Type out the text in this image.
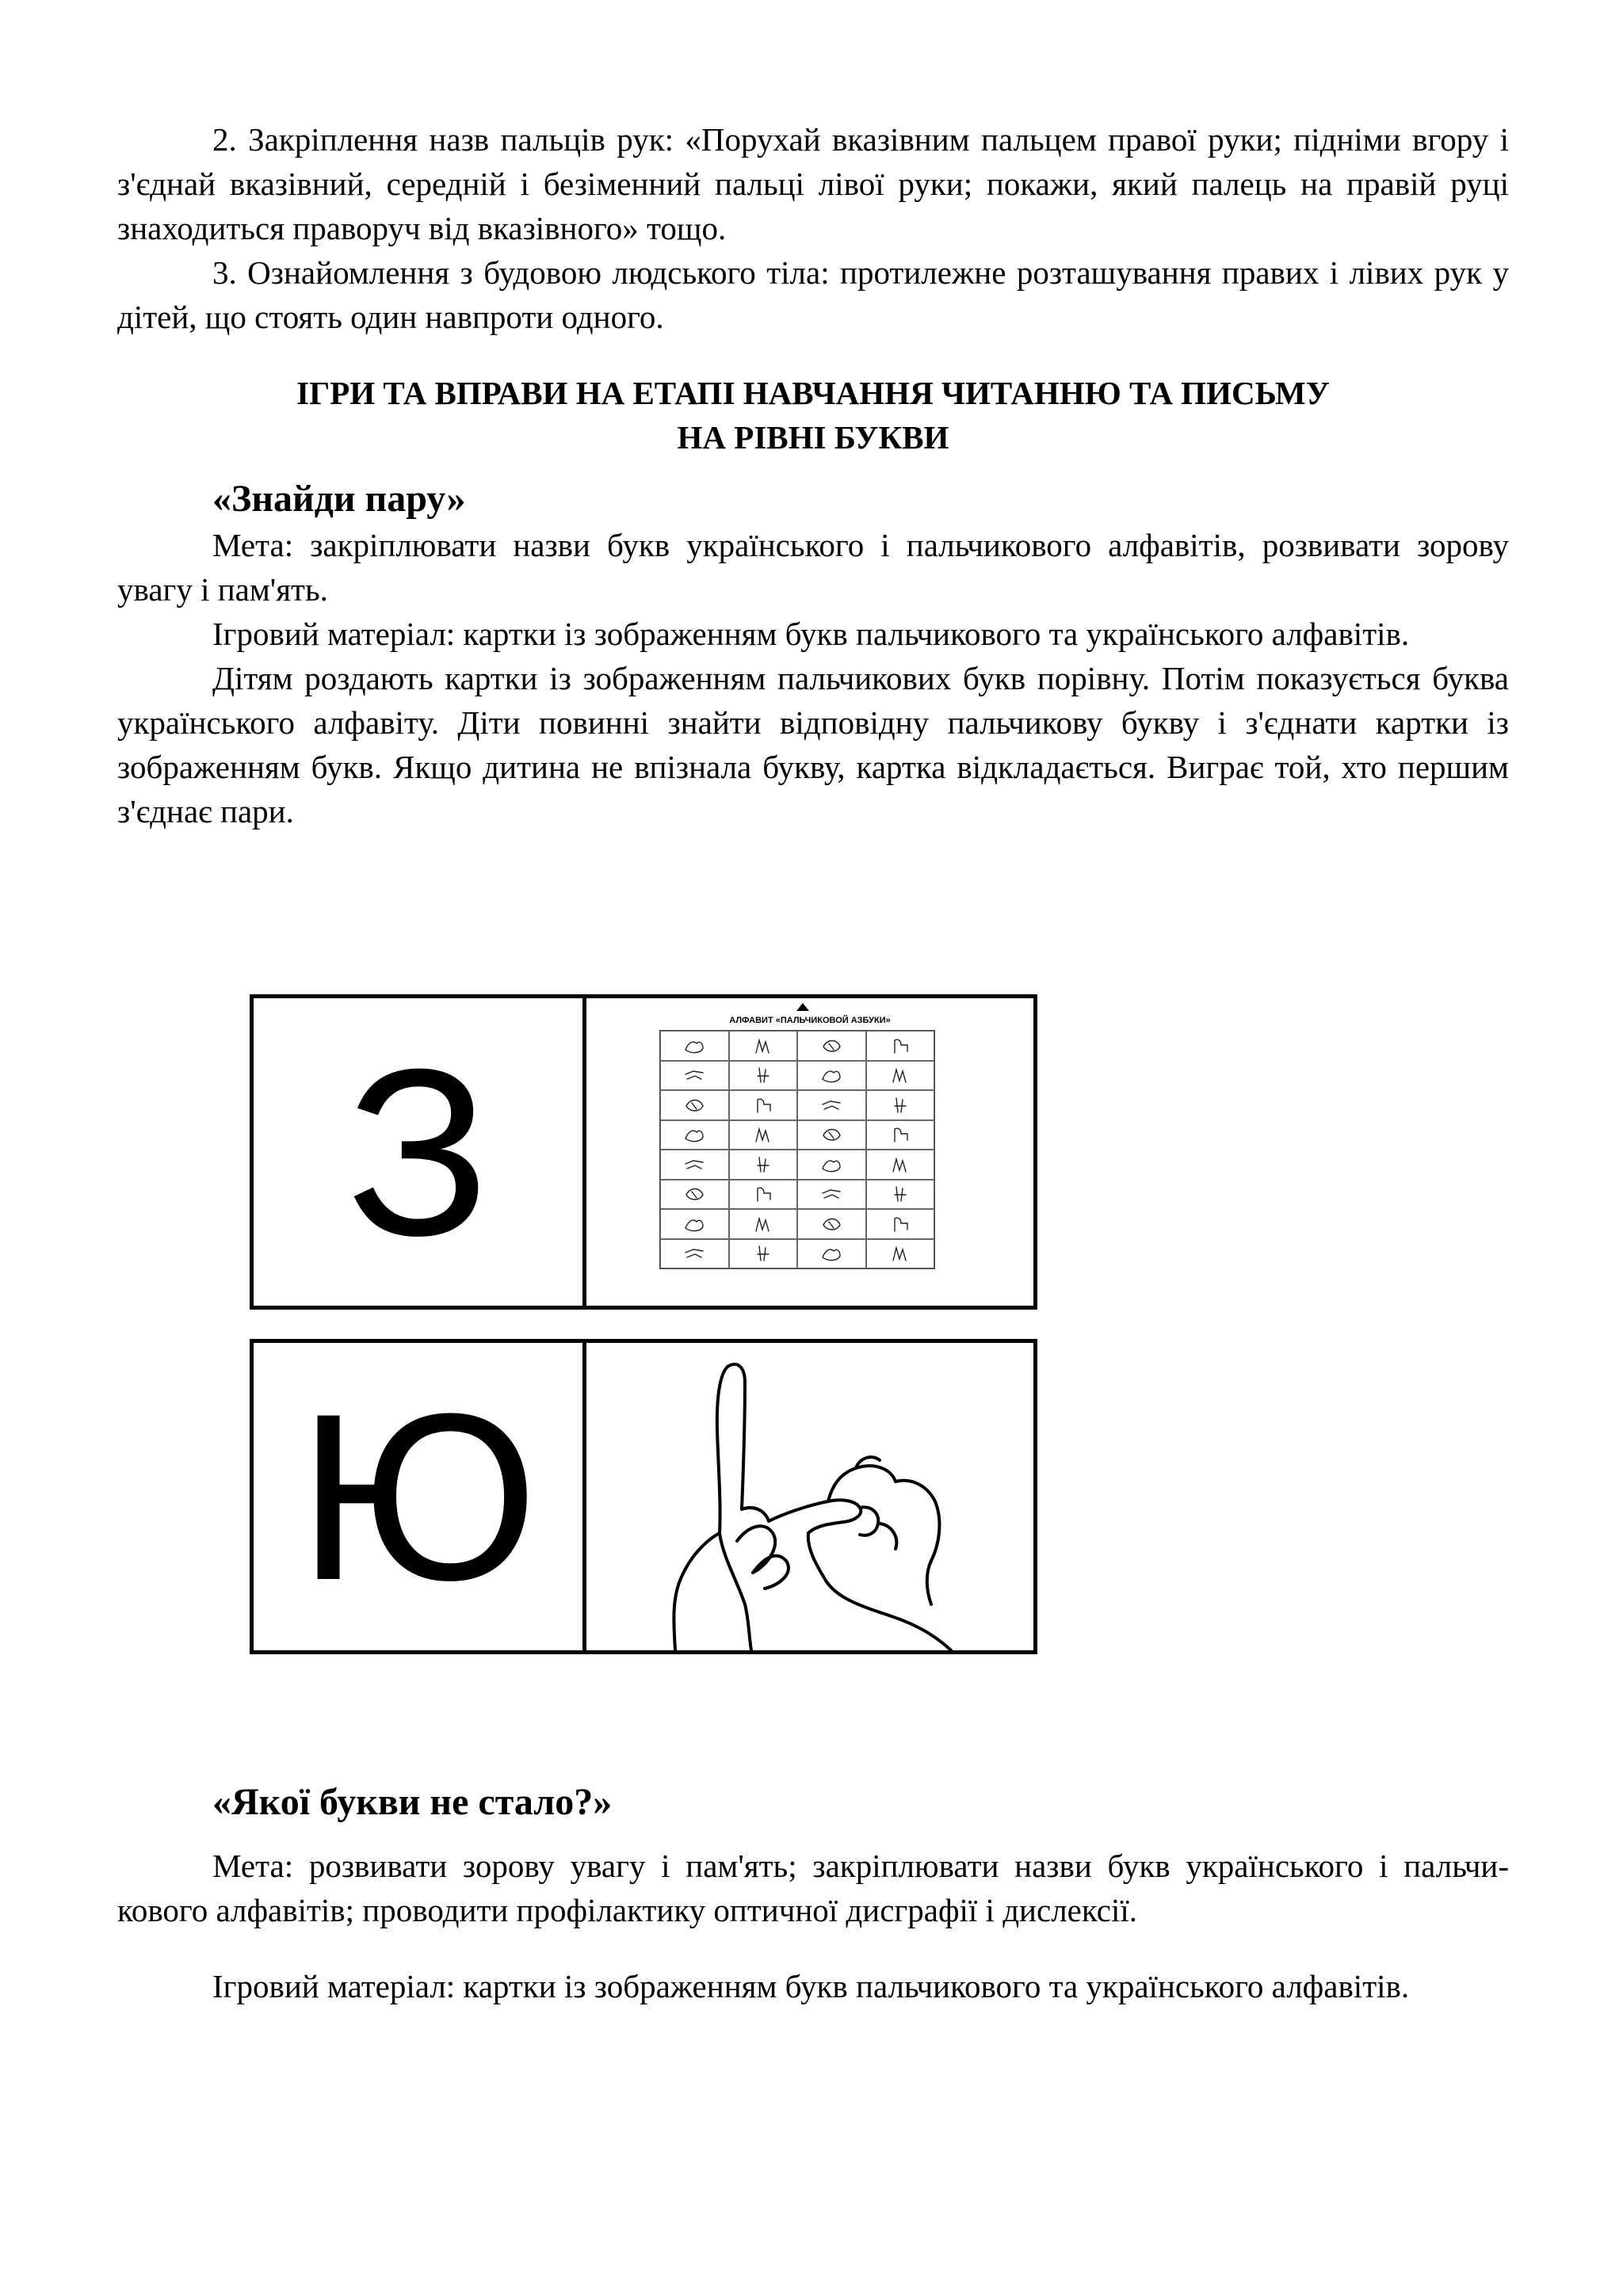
2. Закріплення назв пальців рук: «Порухай вказівним пальцем правої руки; підніми вгору і з'єднай вказівний, середній і безіменний пальці лівої руки; покажи, який палець на правій руці знаходиться праворуч від вказівного» тощо.

3. Ознайомлення з будовою людського тіла: протилежне розташування правих і лівих рук у дітей, що стоять один навпроти одного.

ІГРИ ТА ВПРАВИ НА ЕТАПІ НАВЧАННЯ ЧИТАННЮ ТА ПИСЬМУ

НА РІВНІ БУКВИ

«Знайди пару»

Мета: закріплювати назви букв українського і пальчикового алфавітів, розвивати зорову увагу і пам'ять.

Ігровий матеріал: картки із зображенням букв пальчикового та українського алфавітів.

Дітям роздають картки із зображенням пальчикових букв порівну. Потім показується буква українського алфавіту. Діти повинні знайти відповідну пальчикову букву і з'єднати картки із зображенням букв. Якщо дитина не впізнала букву, картка відкладається. Виграє той, хто першим з'єднає пари.

З	АЛФАВИТ «ПАЛЬЧИКОВОЙ АЗБУКИ»
Ю

«Якої букви не стало?»

Мета: розвивати зорову увагу і пам'ять; закріплювати назви букв українського і пальчи-кового алфавітів; проводити профілактику оптичної дисграфії і дислексії.

Ігровий матеріал: картки із зображенням букв пальчикового та українського алфавітів.
